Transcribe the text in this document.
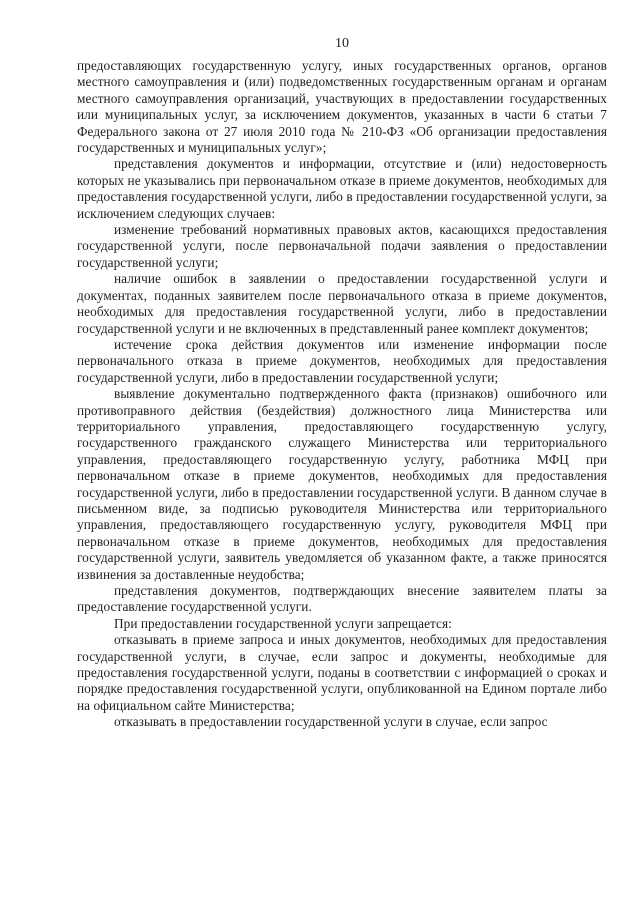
10

предоставляющих государственную услугу, иных государственных органов, органов местного самоуправления и (или) подведомственных государственным органам и органам местного самоуправления организаций, участвующих в предоставлении государственных или муниципальных услуг, за исключением документов, указанных в части 6 статьи 7 Федерального закона от 27 июля 2010 года № 210-ФЗ «Об организации предоставления государственных и муниципальных услуг»;

представления документов и информации, отсутствие и (или) недостоверность которых не указывались при первоначальном отказе в приеме документов, необходимых для предоставления государственной услуги, либо в предоставлении государственной услуги, за исключением следующих случаев:

изменение требований нормативных правовых актов, касающихся предоставления государственной услуги, после первоначальной подачи заявления о предоставлении государственной услуги;

наличие ошибок в заявлении о предоставлении государственной услуги и документах, поданных заявителем после первоначального отказа в приеме документов, необходимых для предоставления государственной услуги, либо в предоставлении государственной услуги и не включенных в представленный ранее комплект документов;

истечение срока действия документов или изменение информации после первоначального отказа в приеме документов, необходимых для предоставления государственной услуги, либо в предоставлении государственной услуги;

выявление документально подтвержденного факта (признаков) ошибочного или противоправного действия (бездействия) должностного лица Министерства или территориального управления, предоставляющего государственную услугу, государственного гражданского служащего Министерства или территориального управления, предоставляющего государственную услугу, работника МФЦ при первоначальном отказе в приеме документов, необходимых для предоставления государственной услуги, либо в предоставлении государственной услуги. В данном случае в письменном виде, за подписью руководителя Министерства или территориального управления, предоставляющего государственную услугу, руководителя МФЦ при первоначальном отказе в приеме документов, необходимых для предоставления государственной услуги, заявитель уведомляется об указанном факте, а также приносятся извинения за доставленные неудобства;

представления документов, подтверждающих внесение заявителем платы за предоставление государственной услуги.

При предоставлении государственной услуги запрещается:

отказывать в приеме запроса и иных документов, необходимых для предоставления государственной услуги, в случае, если запрос и документы, необходимые для предоставления государственной услуги, поданы в соответствии с информацией о сроках и порядке предоставления государственной услуги, опубликованной на Едином портале либо на официальном сайте Министерства;

отказывать в предоставлении государственной услуги в случае, если запрос
